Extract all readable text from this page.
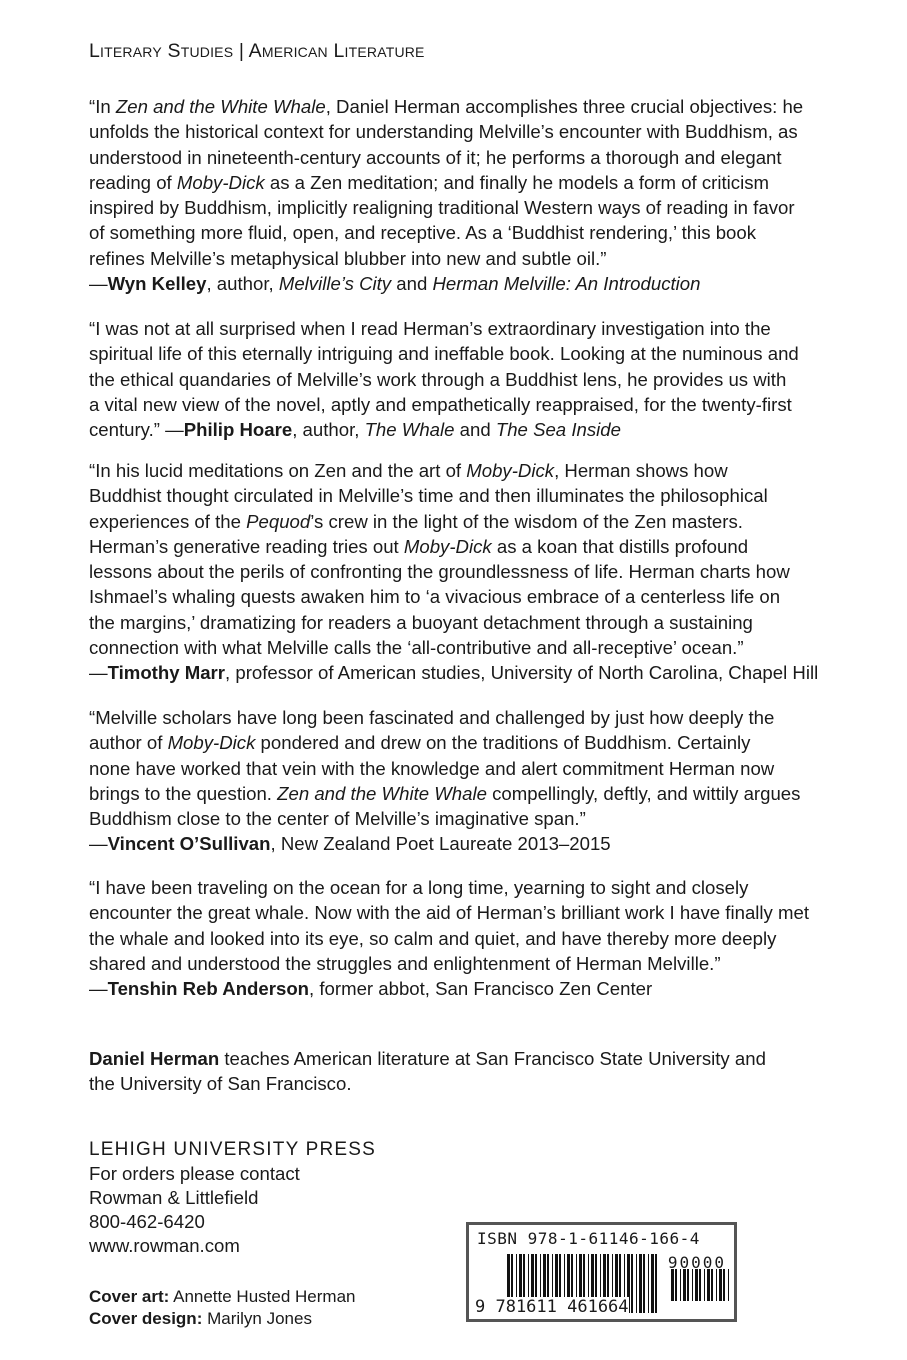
Literary Studies | American Literature
“In Zen and the White Whale, Daniel Herman accomplishes three crucial objectives: he
unfolds the historical context for understanding Melville’s encounter with Buddhism, as
understood in nineteenth-century accounts of it; he performs a thorough and elegant
reading of Moby-Dick as a Zen meditation; and finally he models a form of criticism
inspired by Buddhism, implicitly realigning traditional Western ways of reading in favor
of something more fluid, open, and receptive. As a ‘Buddhist rendering,’ this book
refines Melville’s metaphysical blubber into new and subtle oil.”
—Wyn Kelley, author, Melville’s City and Herman Melville: An Introduction
“I was not at all surprised when I read Herman’s extraordinary investigation into the
spiritual life of this eternally intriguing and ineffable book. Looking at the numinous and
the ethical quandaries of Melville’s work through a Buddhist lens, he provides us with
a vital new view of the novel, aptly and empathetically reappraised, for the twenty-first
century.” —Philip Hoare, author, The Whale and The Sea Inside
“In his lucid meditations on Zen and the art of Moby-Dick, Herman shows how
Buddhist thought circulated in Melville’s time and then illuminates the philosophical
experiences of the Pequod’s crew in the light of the wisdom of the Zen masters.
Herman’s generative reading tries out Moby-Dick as a koan that distills profound
lessons about the perils of confronting the groundlessness of life. Herman charts how
Ishmael’s whaling quests awaken him to ‘a vivacious embrace of a centerless life on
the margins,’ dramatizing for readers a buoyant detachment through a sustaining
connection with what Melville calls the ‘all-contributive and all-receptive’ ocean.”
—Timothy Marr, professor of American studies, University of North Carolina, Chapel Hill
“Melville scholars have long been fascinated and challenged by just how deeply the
author of Moby-Dick pondered and drew on the traditions of Buddhism. Certainly
none have worked that vein with the knowledge and alert commitment Herman now
brings to the question. Zen and the White Whale compellingly, deftly, and wittily argues
Buddhism close to the center of Melville’s imaginative span.”
—Vincent O’Sullivan, New Zealand Poet Laureate 2013–2015
“I have been traveling on the ocean for a long time, yearning to sight and closely
encounter the great whale. Now with the aid of Herman’s brilliant work I have finally met
the whale and looked into its eye, so calm and quiet, and have thereby more deeply
shared and understood the struggles and enlightenment of Herman Melville.”
—Tenshin Reb Anderson, former abbot, San Francisco Zen Center
Daniel Herman teaches American literature at San Francisco State University and
the University of San Francisco.
LEHIGH UNIVERSITY PRESS
For orders please contact
Rowman & Littlefield
800-462-6420
www.rowman.com
Cover art: Annette Husted Herman
Cover design: Marilyn Jones
ISBN 978-1-61146-166-4
90000
9 781611 461664
